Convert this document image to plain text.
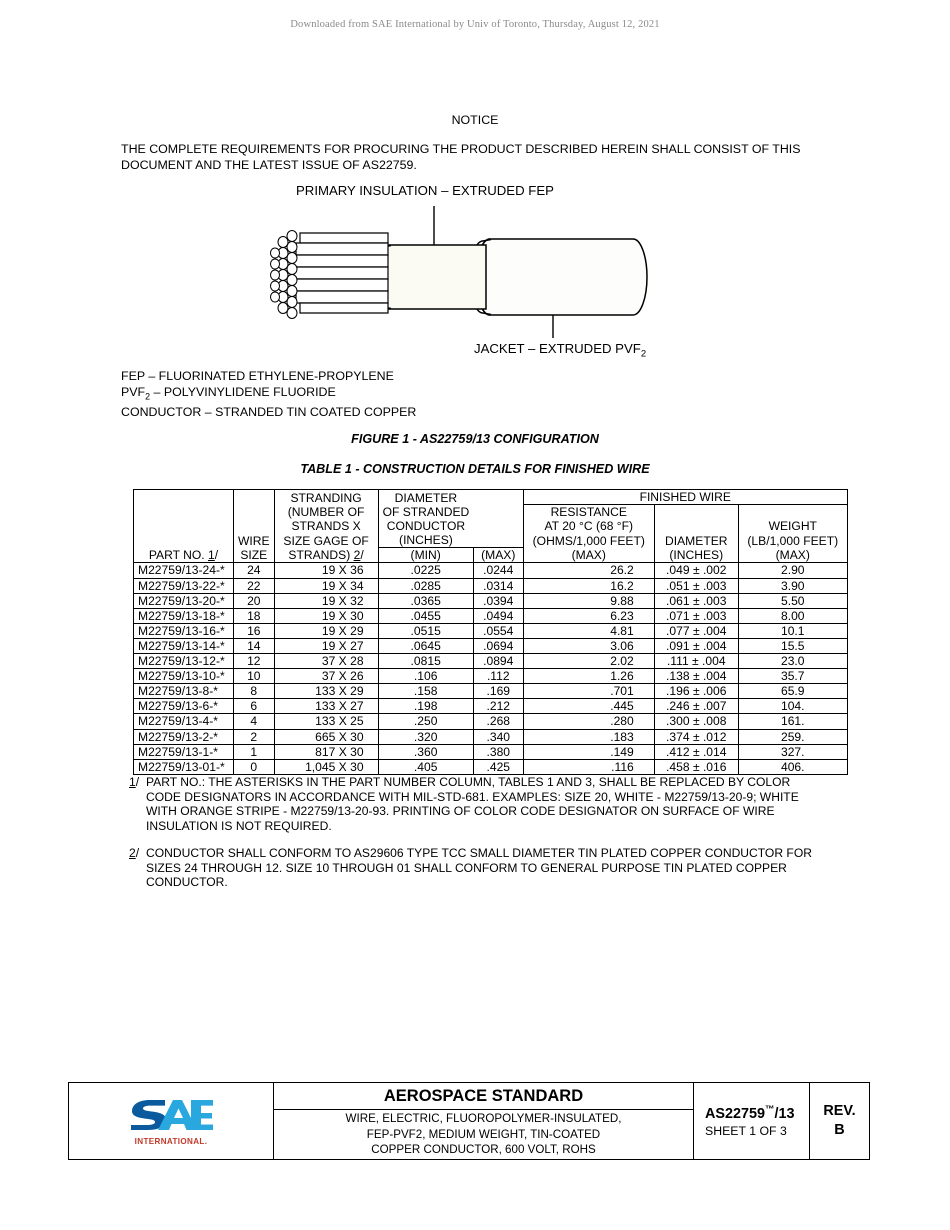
Downloaded from SAE International by Univ of Toronto, Thursday, August 12, 2021
NOTICE
THE COMPLETE REQUIREMENTS FOR PROCURING THE PRODUCT DESCRIBED HEREIN SHALL CONSIST OF THIS DOCUMENT AND THE LATEST ISSUE OF AS22759.
PRIMARY INSULATION – EXTRUDED FEP
JACKET – EXTRUDED $PVF_2$
FEP – FLUORINATED ETHYLENE-PROPYLENE
$PVF_2$ – POLYVINYLIDENE FLUORIDE
CONDUCTOR – STRANDED TIN COATED COPPER
FIGURE 1 - AS22759/13 CONFIGURATION
TABLE 1 - CONSTRUCTION DETAILS FOR FINISHED WIRE
		STRANDING	DIAMETER		FINISHED WIRE		
		(NUMBER OF	OF STRANDED		RESISTANCE		
		STRANDS X	CONDUCTOR		AT 20 °C (68 °F)		WEIGHT
	WIRE	SIZE GAGE OF	(INCHES)		(OHMS/1,000 FEET)	DIAMETER	(LB/1,000 FEET)
PART NO. 1/	SIZE	STRANDS) 2/	(MIN)	(MAX)	(MAX)	(INCHES)	(MAX)
M22759/13-24-*	24	19 X 36	.0225	.0244	26.2	.049 ± .002	2.90
M22759/13-22-*	22	19 X 34	.0285	.0314	16.2	.051 ± .003	3.90
M22759/13-20-*	20	19 X 32	.0365	.0394	9.88	.061 ± .003	5.50
M22759/13-18-*	18	19 X 30	.0455	.0494	6.23	.071 ± .003	8.00
M22759/13-16-*	16	19 X 29	.0515	.0554	4.81	.077 ± .004	10.1
M22759/13-14-*	14	19 X 27	.0645	.0694	3.06	.091 ± .004	15.5
M22759/13-12-*	12	37 X 28	.0815	.0894	2.02	.111 ± .004	23.0
M22759/13-10-*	10	37 X 26	.106	.112	1.26	.138 ± .004	35.7
M22759/13-8-*	8	133 X 29	.158	.169	.701	.196 ± .006	65.9
M22759/13-6-*	6	133 X 27	.198	.212	.445	.246 ± .007	104.
M22759/13-4-*	4	133 X 25	.250	.268	.280	.300 ± .008	161.
M22759/13-2-*	2	665 X 30	.320	.340	.183	.374 ± .012	259.
M22759/13-1-*	1	817 X 30	.360	.380	.149	.412 ± .014	327.
M22759/13-01-*	0	1,045 X 30	.405	.425	.116	.458 ± .016	406.
1/ PART NO.: THE ASTERISKS IN THE PART NUMBER COLUMN, TABLES 1 AND 3, SHALL BE REPLACED BY COLOR CODE DESIGNATORS IN ACCORDANCE WITH MIL-STD-681. EXAMPLES: SIZE 20, WHITE - M22759/13-20-9; WHITE WITH ORANGE STRIPE - M22759/13-20-93. PRINTING OF COLOR CODE DESIGNATOR ON SURFACE OF WIRE INSULATION IS NOT REQUIRED.
2/ CONDUCTOR SHALL CONFORM TO AS29606 TYPE TCC SMALL DIAMETER TIN PLATED COPPER CONDUCTOR FOR SIZES 24 THROUGH 12. SIZE 10 THROUGH 01 SHALL CONFORM TO GENERAL PURPOSE TIN PLATED COPPER CONDUCTOR.
INTERNATIONAL.
AEROSPACE STANDARD
WIRE, ELECTRIC, FLUOROPOLYMER-INSULATED,
FEP-PVF2, MEDIUM WEIGHT, TIN-COATED
COPPER CONDUCTOR, 600 VOLT, ROHS
AS22759™/13
SHEET 1 OF 3
REV.
B
